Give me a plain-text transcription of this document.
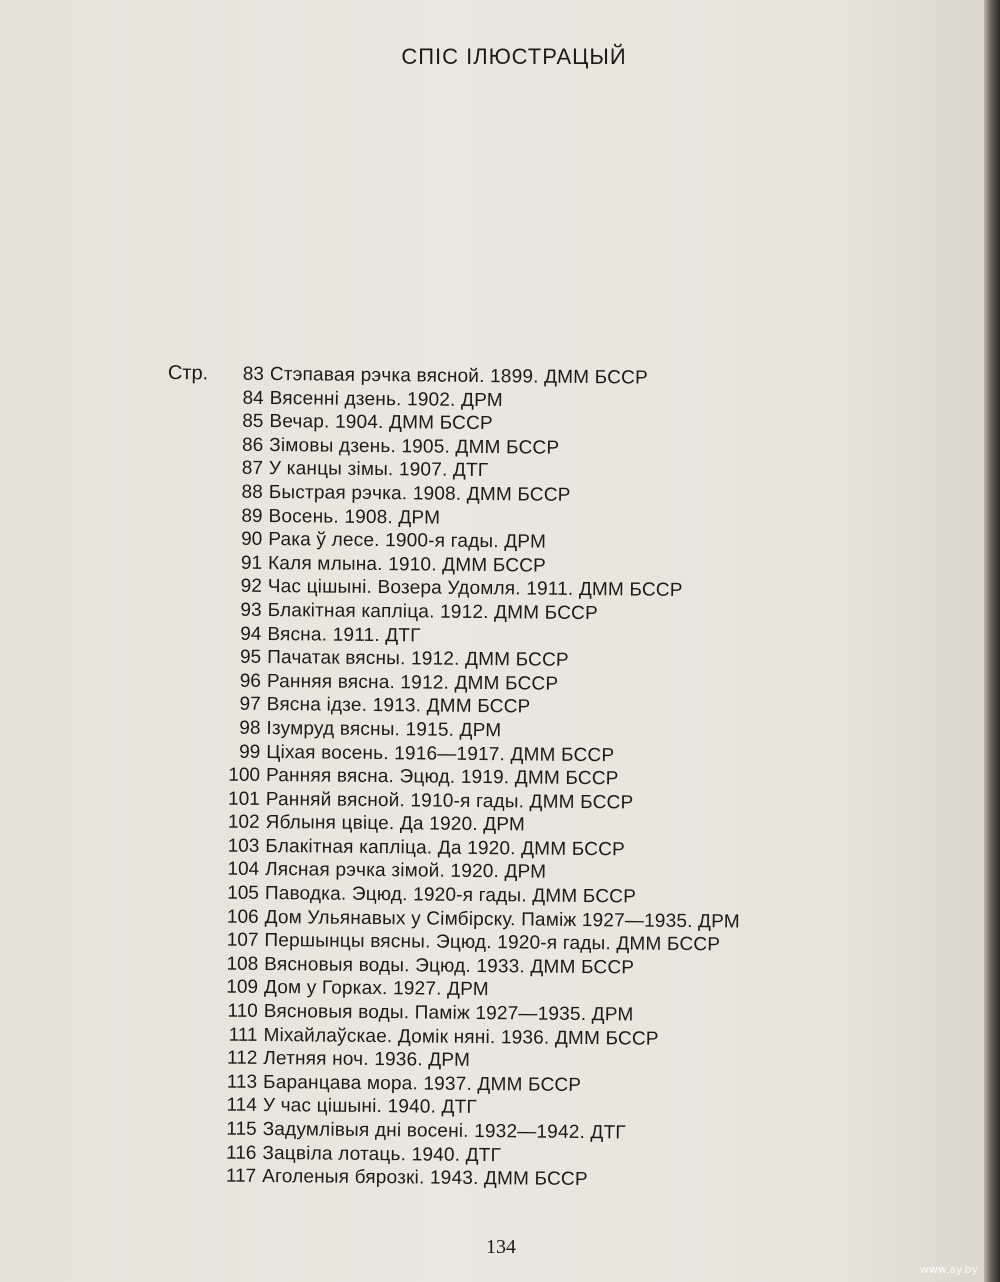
СПІС ІЛЮСТРАЦЫЙ
Стр.	83 Стэпавая рэчка вясной. 1899. ДММ БССР
84 Вясенні дзень. 1902. ДРМ
85 Вечар. 1904. ДММ БССР
86 Зімовы дзень. 1905. ДММ БССР
87 У канцы зімы. 1907. ДТГ
88 Быстрая рэчка. 1908. ДММ БССР
89 Восень. 1908. ДРМ
90 Рака ў лесе. 1900-я гады. ДРМ
91 Каля млына. 1910. ДММ БССР
92 Час цішыні. Возера Удомля. 1911. ДММ БССР
93 Блакітная капліца. 1912. ДММ БССР
94 Вясна. 1911. ДТГ
95 Пачатак вясны. 1912. ДММ БССР
96 Ранняя вясна. 1912. ДММ БССР
97 Вясна ідзе. 1913. ДММ БССР
98 Ізумруд вясны. 1915. ДРМ
99 Ціхая восень. 1916—1917. ДММ БССР
100 Ранняя вясна. Эцюд. 1919. ДММ БССР
101 Ранняй вясной. 1910-я гады. ДММ БССР
102 Яблыня цвіце. Да 1920. ДРМ
103 Блакітная капліца. Да 1920. ДММ БССР
104 Лясная рэчка зімой. 1920. ДРМ
105 Паводка. Эцюд. 1920-я гады. ДММ БССР
106 Дом Ульянавых у Сімбірску. Паміж 1927—1935. ДРМ
107 Першынцы вясны. Эцюд. 1920-я гады. ДММ БССР
108 Вясновыя воды. Эцюд. 1933. ДММ БССР
109 Дом у Горках. 1927. ДРМ
110 Вясновыя воды. Паміж 1927—1935. ДРМ
111 Міхайлаўскае. Домік няні. 1936. ДММ БССР
112 Летняя ноч. 1936. ДРМ
113 Баранцава мора. 1937. ДММ БССР
114 У час цішыні. 1940. ДТГ
115 Задумлівыя дні восені. 1932—1942. ДТГ
116 Зацвіла лотаць. 1940. ДТГ
117 Аголеныя бярозкі. 1943. ДММ БССР
134
www.ay.by
